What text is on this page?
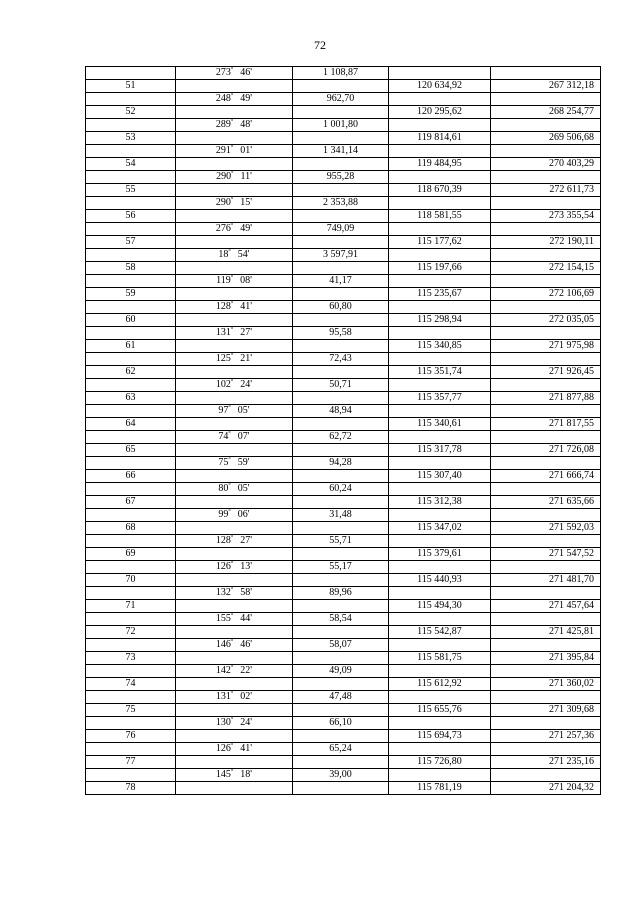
72
	273° 46'	1 108,87		
51			120 634,92	267 312,18
	248° 49'	962,70		
52			120 295,62	268 254,77
	289° 48'	1 001,80		
53			119 814,61	269 506,68
	291° 01'	1 341,14		
54			119 484,95	270 403,29
	290° 11'	955,28		
55			118 670,39	272 611,73
	290° 15'	2 353,88		
56			118 581,55	273 355,54
	276° 49'	749,09		
57			115 177,62	272 190,11
	18° 54'	3 597,91		
58			115 197,66	272 154,15
	119° 08'	41,17		
59			115 235,67	272 106,69
	128° 41'	60,80		
60			115 298,94	272 035,05
	131° 27'	95,58		
61			115 340,85	271 975,98
	125° 21'	72,43		
62			115 351,74	271 926,45
	102° 24'	50,71		
63			115 357,77	271 877,88
	97° 05'	48,94		
64			115 340,61	271 817,55
	74° 07'	62,72		
65			115 317,78	271 726,08
	75° 59'	94,28		
66			115 307,40	271 666,74
	80° 05'	60,24		
67			115 312,38	271 635,66
	99° 06'	31,48		
68			115 347,02	271 592,03
	128° 27'	55,71		
69			115 379,61	271 547,52
	126° 13'	55,17		
70			115 440,93	271 481,70
	132° 58'	89,96		
71			115 494,30	271 457,64
	155° 44'	58,54		
72			115 542,87	271 425,81
	146° 46'	58,07		
73			115 581,75	271 395,84
	142° 22'	49,09		
74			115 612,92	271 360,02
	131° 02'	47,48		
75			115 655,76	271 309,68
	130° 24'	66,10		
76			115 694,73	271 257,36
	126° 41'	65,24		
77			115 726,80	271 235,16
	145° 18'	39,00		
78			115 781,19	271 204,32
